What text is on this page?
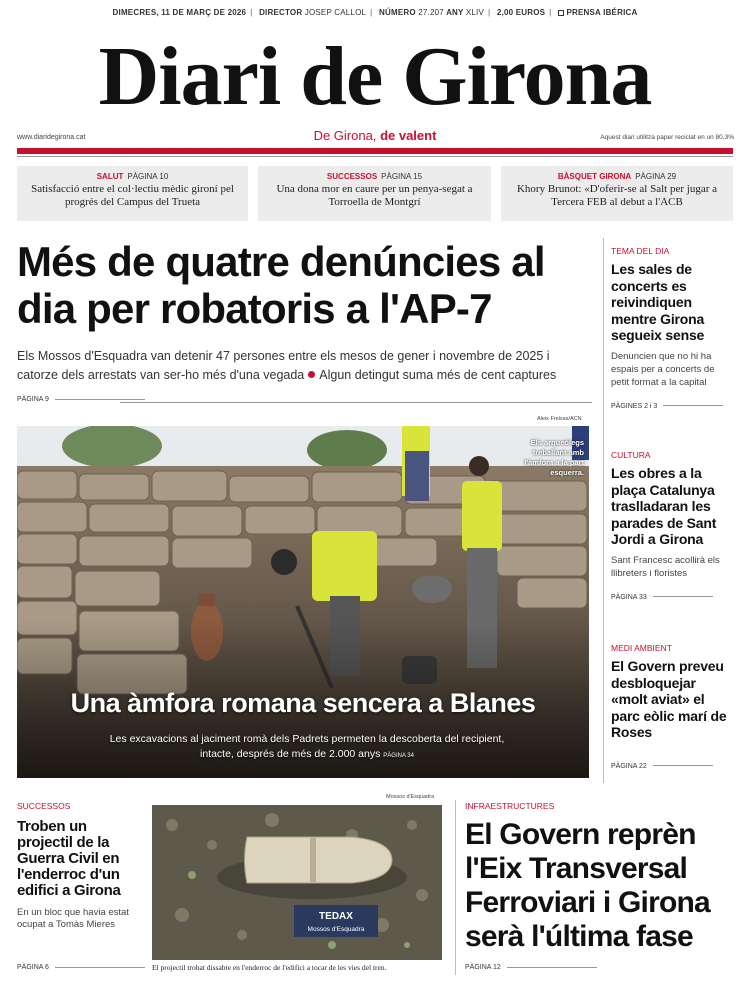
DIMECRES, 11 DE MARÇ DE 2026 | DIRECTOR JOSEP CALLOL | NÚMERO 27.207 ANY XLIV | 2,00 EUROS | PRENSA IBÉRICA
Diari de Girona
www.diaridegirona.cat	De Girona, de valent	Aquest diari utilitza paper reciclat en un 80,3%
SALUT PÀGINA 10
Satisfacció entre el col·lectiu mèdic gironí pel progrés del Campus del Trueta
SUCCESSOS PÀGINA 15
Una dona mor en caure per un penya-segat a Torroella de Montgrí
BÀSQUET GIRONA PÀGINA 29
Khory Brunot: «D'oferir-se al Salt per jugar a Tercera FEB al debut a l'ACB
Més de quatre denúncies al dia per robatoris a l'AP-7
Els Mossos d'Esquadra van detenir 47 persones entre els mesos de gener i novembre de 2025 i catorze dels arrestats van ser-ho més d'una vegada Algun detingut suma més de cent captures
PÀGINA 9
Aleix Freixas/ACN
Els arqueòlegs treballant amb l'àmfora a la part esquerra.
Una àmfora romana sencera a Blanes
Les excavacions al jaciment romà dels Padrets permeten la descoberta del recipient, intacte, després de més de 2.000 anys PÀGINA 34
TEMA DEL DIA
Les sales de concerts es reivindiquen mentre Girona segueix sense
Denuncien que no hi ha espais per a concerts de petit format a la capital
PÀGINES 2 i 3
CULTURA
Les obres a la plaça Catalunya traslladaran les parades de Sant Jordi a Girona
Sant Francesc acollirà els llibreters i floristes
PÀGINA 33
MEDI AMBIENT
El Govern preveu desbloquejar «molt aviat» el parc eòlic marí de Roses
PÀGINA 22
SUCCESSOS
Troben un projectil de la Guerra Civil en l'enderroc d'un edifici a Girona
En un bloc que havia estat ocupat a Tomàs Mieres
PÀGINA 6
Mossos d'Esquadra
TEDAX
Mossos d'Esquadra
El projectil trobat dissabte en l'enderroc de l'edifici a tocar de les vies del tren.
INFRAESTRUCTURES
El Govern reprèn l'Eix Transversal Ferroviari i Girona serà l'última fase
PÀGINA 12
